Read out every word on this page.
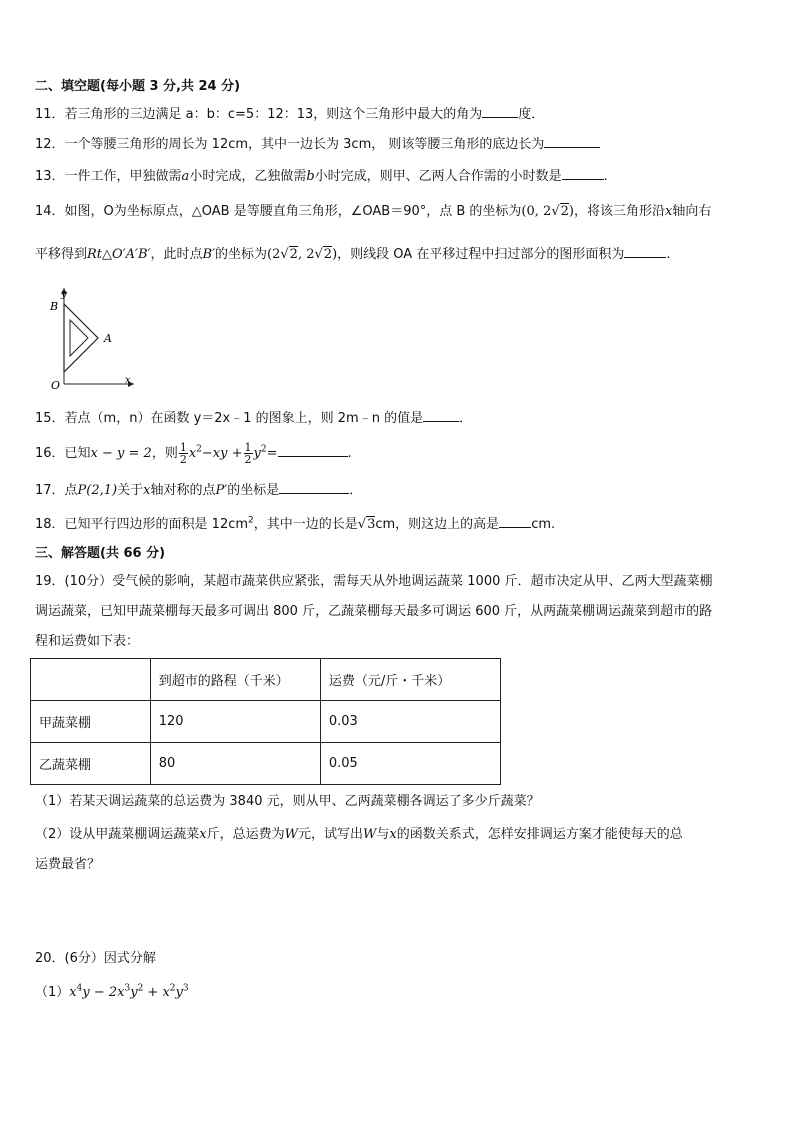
二、填空题(每小题 3 分,共 24 分)
11．若三角形的三边满足 a：b：c=5：12：13，则这个三角形中最大的角为	度．
12．一个等腰三角形的周长为 12cm，其中一边长为 3cm， 则该等腰三角形的底边长为
13．一件工作，甲独做需a小时完成，乙独做需b小时完成，则甲、乙两人合作需的小时数是	.
14．如图，O为坐标原点，△OAB 是等腰直角三角形，∠OAB＝90°，点 B 的坐标为(0, 2√2)，将该三角形沿x轴向右
平移得到Rt△O′A′B′，此时点B′的坐标为(2√2, 2√2)，则线段 OA 在平移过程中扫过部分的图形面积为	.
y
B
A
O	x
15．若点（m，n）在函数 y＝2x﹣1 的图象上，则 2m﹣n 的值是	．
16．已知x − y = 2，则 $\frac{1}{2} x^2-xy + \frac{1}{2} y^2=$	.
17．点P(2,1)关于x轴对称的点P′的坐标是	．
18．已知平行四边形的面积是 $12cm^2$，其中一边的长是√3cm，则这边上的高是 cm.
三、解答题(共 66 分)
19．(10分）受气候的影响，某超市蔬菜供应紧张，需每天从外地调运蔬菜 1000 斤．超市决定从甲、乙两大型蔬菜棚
调运蔬菜，已知甲蔬菜棚每天最多可调出 800 斤，乙蔬菜棚每天最多可调运 600 斤，从两蔬菜棚调运蔬菜到超市的路
程和运费如下表：
	到超市的路程（千米）	运费（元/斤・千米）
甲蔬菜棚	120	0.03
乙蔬菜棚	80	0.05
（1）若某天调运蔬菜的总运费为 3840 元，则从甲、乙两蔬菜棚各调运了多少斤蔬菜？
（2）设从甲蔬菜棚调运蔬菜x斤，总运费为W元，试写出W与x的函数关系式，怎样安排调运方案才能使每天的总
运费最省？
20．(6分）因式分解
$(1)x^4y - 2x^3y^2 + x^2y^3$
